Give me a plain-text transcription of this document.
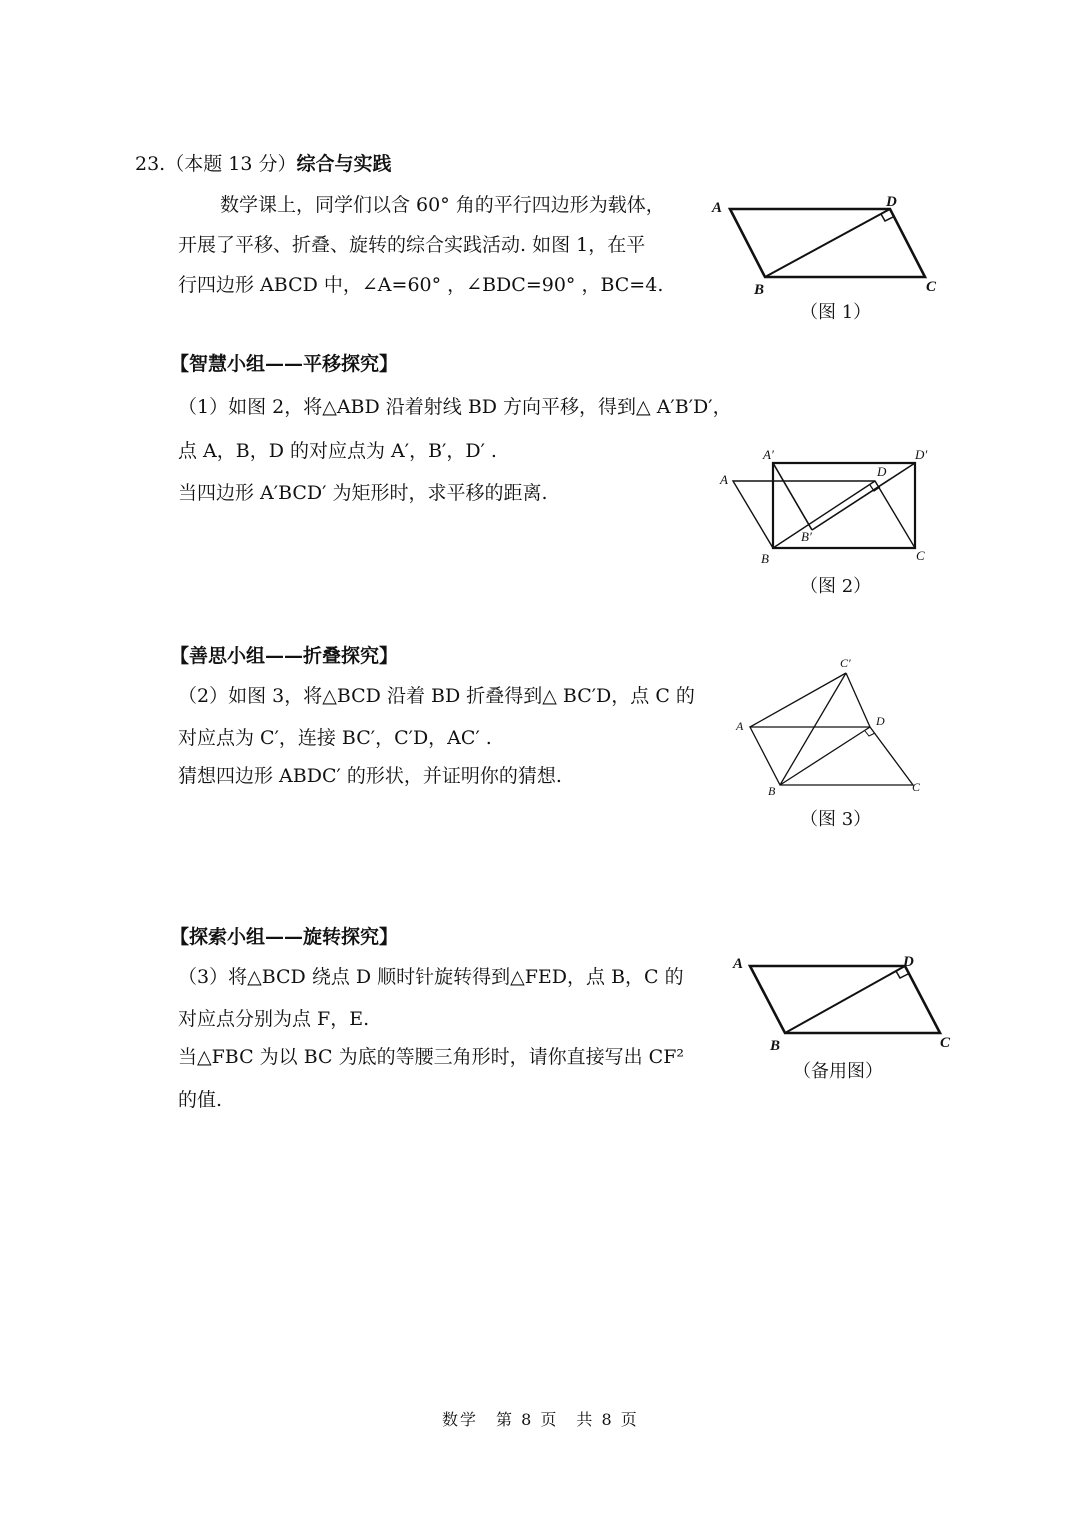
23.（本题 13 分）综合与实践
数学课上，同学们以含 60° 角的平行四边形为载体，
开展了平移、折叠、旋转的综合实践活动. 如图 1，在平
行四边形 ABCD 中，∠A=60° ，∠BDC=90° ，BC=4.
A	D
B	C
（图 1）
【智慧小组——平移探究】
（1）如图 2，将△ABD 沿着射线 BD 方向平移，得到△ A′B′D′，
点 A，B，D 的对应点为 A′，B′，D′ .
当四边形 A′BCD′ 为矩形时，求平移的距离.
A
A′
D
D′
B′
B	C
（图 2）
【善思小组——折叠探究】
（2）如图 3，将△BCD 沿着 BD 折叠得到△ BC′D，点 C 的
对应点为 C′，连接 BC′，C′D，AC′ .
猜想四边形 ABDC′ 的形状，并证明你的猜想.
A
C′
D
B	C
（图 3）
【探索小组——旋转探究】
（3）将△BCD 绕点 D 顺时针旋转得到△FED，点 B，C 的
对应点分别为点 F，E.
当△FBC 为以 BC 为底的等腰三角形时，请你直接写出 CF²
的值.
A	D
B	C
（备用图）
数学　第 8 页　共 8 页
